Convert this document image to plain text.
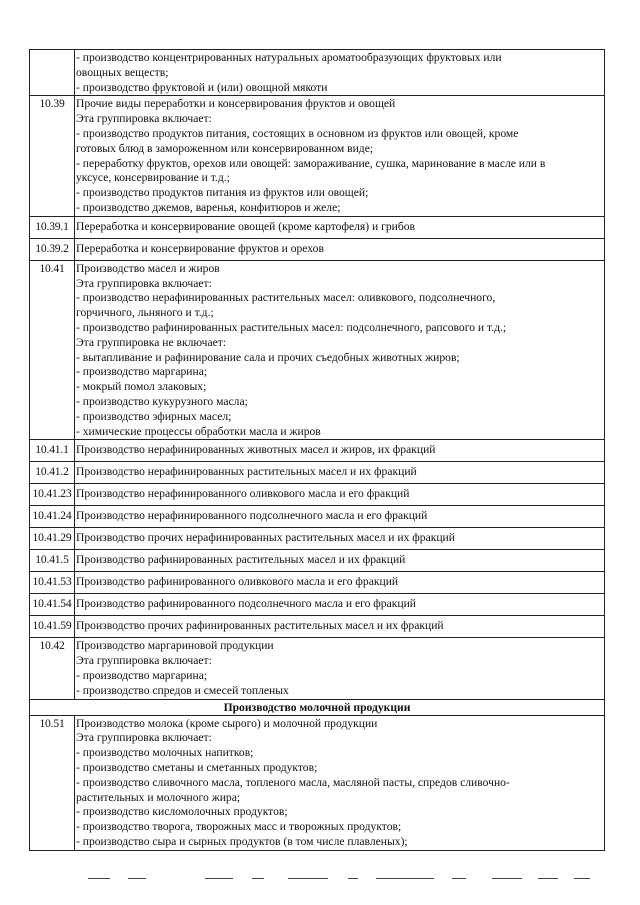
- производство концентрированных натуральных ароматообразующих фруктовых или
овощных веществ;
- производство фруктовой и (или) овощной мякоти
10.39 Прочие виды переработки и консервирования фруктов и овощей
Эта группировка включает:
- производство продуктов питания, состоящих в основном из фруктов или овощей, кроме
готовых блюд в замороженном или консервированном виде;
- переработку фруктов, орехов или овощей: замораживание, сушка, маринование в масле или в
уксусе, консервирование и т.д.;
- производство продуктов питания из фруктов или овощей;
- производство джемов, варенья, конфитюров и желе;
10.39.1 Переработка и консервирование овощей (кроме картофеля) и грибов
10.39.2 Переработка и консервирование фруктов и орехов
10.41 Производство масел и жиров
Эта группировка включает:
- производство нерафинированных растительных масел: оливкового, подсолнечного,
горчичного, льняного и т.д.;
- производство рафинированных растительных масел: подсолнечного, рапсового и т.д.;
Эта группировка не включает:
- вытапливание и рафинирование сала и прочих съедобных животных жиров;
- производство маргарина;
- мокрый помол злаковых;
- производство кукурузного масла;
- производство эфирных масел;
- химические процессы обработки масла и жиров
10.41.1 Производство нерафинированных животных масел и жиров, их фракций
10.41.2 Производство нерафинированных растительных масел и их фракций
10.41.23 Производство нерафинированного оливкового масла и его фракций
10.41.24 Производство нерафинированного подсолнечного масла и его фракций
10.41.29 Производство прочих нерафинированных растительных масел и их фракций
10.41.5 Производство рафинированных растительных масел и их фракций
10.41.53 Производство рафинированного оливкового масла и его фракций
10.41.54 Производство рафинированного подсолнечного масла и его фракций
10.41.59 Производство прочих рафинированных растительных масел и их фракций
10.42 Производство маргариновой продукции
Эта группировка включает:
- производство маргарина;
- производство спредов и смесей топленых
Производство молочной продукции
10.51 Производство молока (кроме сырого) и молочной продукции
Эта группировка включает:
- производство молочных напитков;
- производство сметаны и сметанных продуктов;
- производство сливочного масла, топленого масла, масляной пасты, спредов сливочно-
растительных и молочного жира;
- производство кисломолочных продуктов;
- производство творога, творожных масс и творожных продуктов;
- производство сыра и сырных продуктов (в том числе плавленых);
